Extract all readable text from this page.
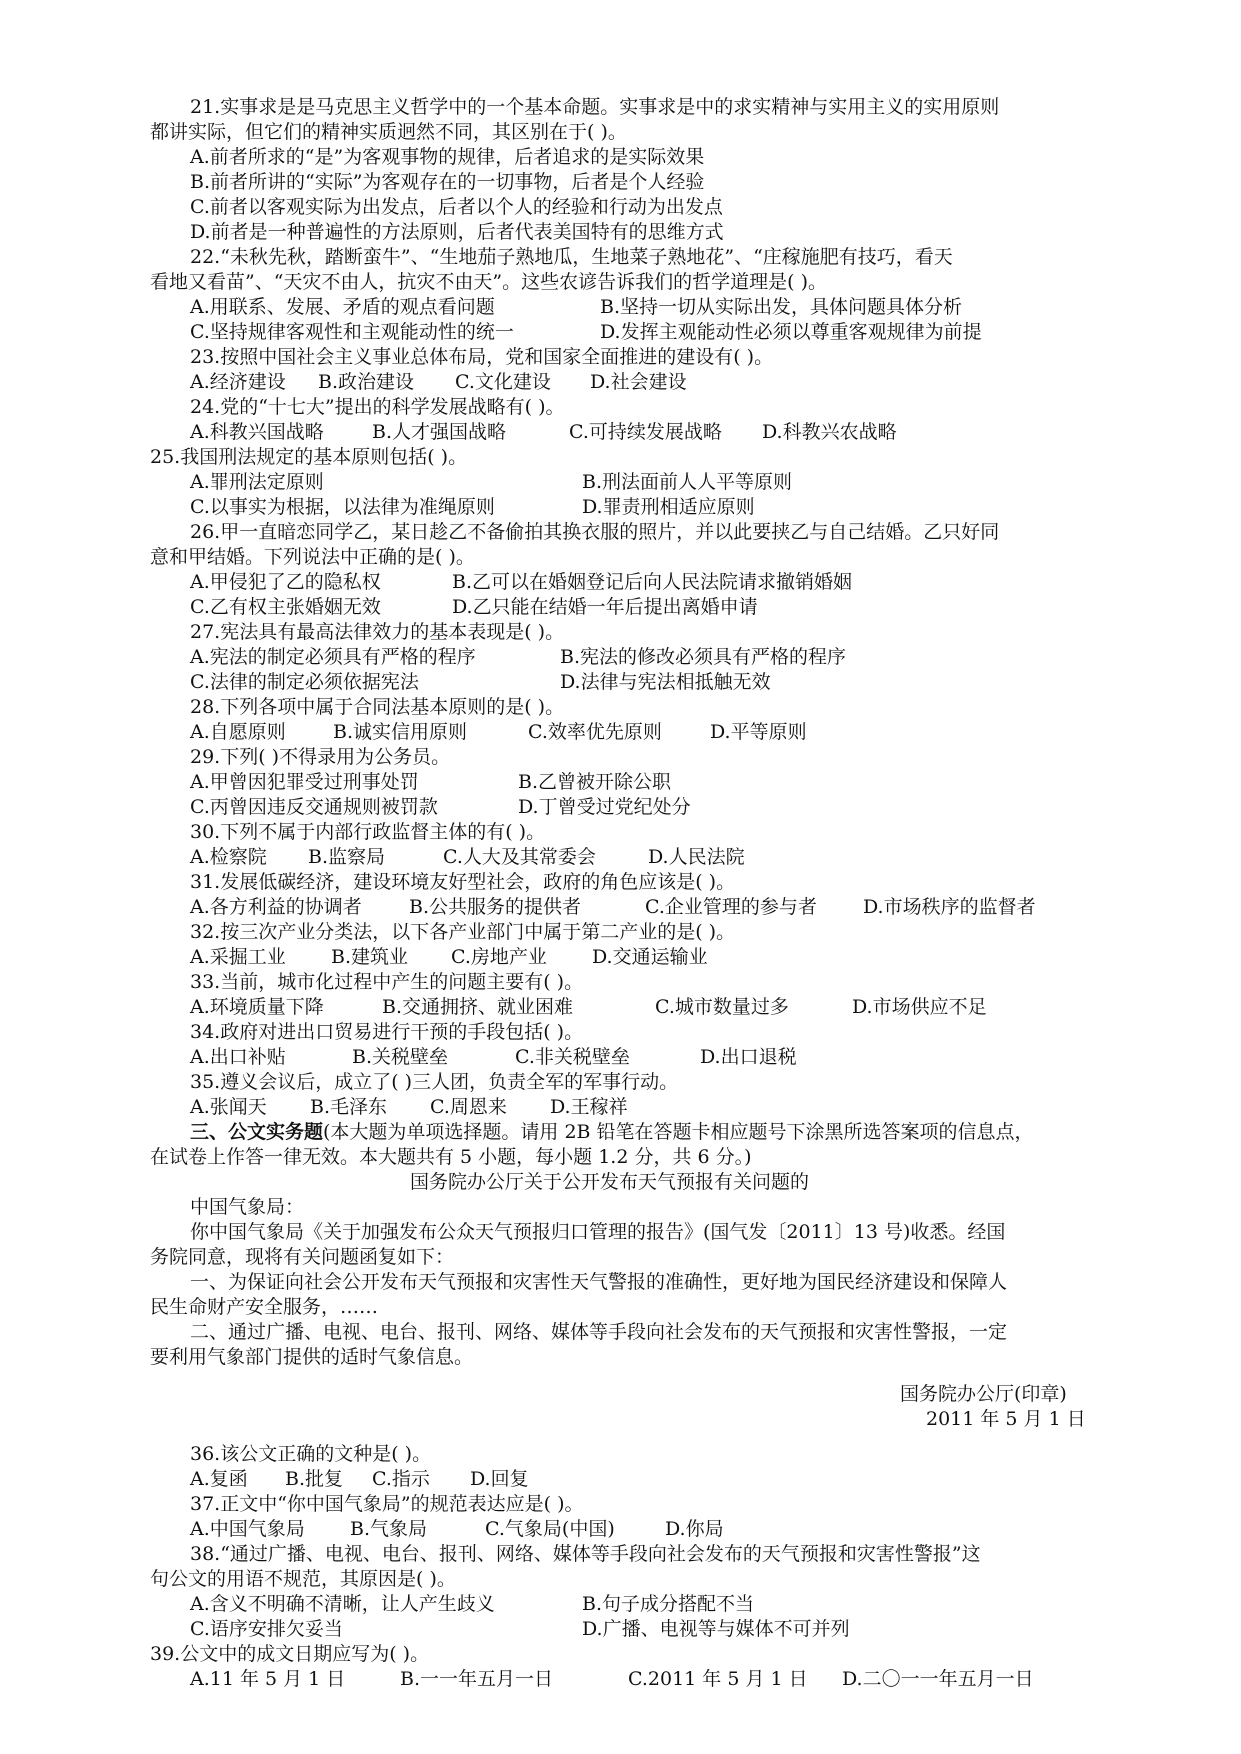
21.实事求是是马克思主义哲学中的一个基本命题。实事求是中的求实精神与实用主义的实用原则
都讲实际，但它们的精神实质迥然不同，其区别在于( )。
A.前者所求的“是”为客观事物的规律，后者追求的是实际效果
B.前者所讲的“实际”为客观存在的一切事物，后者是个人经验
C.前者以客观实际为出发点，后者以个人的经验和行动为出发点
D.前者是一种普遍性的方法原则，后者代表美国特有的思维方式
22.“未秋先秋，踏断蛮牛”、“生地茄子熟地瓜，生地菜子熟地花”、“庄稼施肥有技巧，看天
看地又看苗”、“天灾不由人，抗灾不由天”。这些农谚告诉我们的哲学道理是( )。
A.用联系、发展、矛盾的观点看问题	B.坚持一切从实际出发，具体问题具体分析
C.坚持规律客观性和主观能动性的统一	D.发挥主观能动性必须以尊重客观规律为前提
23.按照中国社会主义事业总体布局，党和国家全面推进的建设有( )。
A.经济建设 B.政治建设 C.文化建设 D.社会建设
24.党的“十七大”提出的科学发展战略有( )。
A.科教兴国战略	B.人才强国战略	C.可持续发展战略 D.科教兴农战略
25.我国刑法规定的基本原则包括( )。
A.罪刑法定原则	B.刑法面前人人平等原则
C.以事实为根据，以法律为准绳原则	D.罪责刑相适应原则
26.甲一直暗恋同学乙，某日趁乙不备偷拍其换衣服的照片，并以此要挟乙与自己结婚。乙只好同
意和甲结婚。下列说法中正确的是( )。
A.甲侵犯了乙的隐私权	B.乙可以在婚姻登记后向人民法院请求撤销婚姻
C.乙有权主张婚姻无效	D.乙只能在结婚一年后提出离婚申请
27.宪法具有最高法律效力的基本表现是( )。
A.宪法的制定必须具有严格的程序	B.宪法的修改必须具有严格的程序
C.法律的制定必须依据宪法	D.法律与宪法相抵触无效
28.下列各项中属于合同法基本原则的是( )。
A.自愿原则 B.诚实信用原则	C.效率优先原则	D.平等原则
29.下列( )不得录用为公务员。
A.甲曾因犯罪受过刑事处罚	B.乙曾被开除公职
C.丙曾因违反交通规则被罚款	D.丁曾受过党纪处分
30.下列不属于内部行政监督主体的有( )。
A.检察院 B.监察局	C.人大及其常委会	D.人民法院
31.发展低碳经济，建设环境友好型社会，政府的角色应该是( )。
A.各方利益的协调者 B.公共服务的提供者	C.企业管理的参与者 D.市场秩序的监督者
32.按三次产业分类法，以下各产业部门中属于第二产业的是( )。
A.采掘工业 B.建筑业 C.房地产业 D.交通运输业
33.当前，城市化过程中产生的问题主要有( )。
A.环境质量下降	B.交通拥挤、就业困难	C.城市数量过多	D.市场供应不足
34.政府对进出口贸易进行干预的手段包括( )。
A.出口补贴	B.关税壁垒	C.非关税壁垒	D.出口退税
35.遵义会议后，成立了( )三人团，负责全军的军事行动。
A.张闻天 B.毛泽东 C.周恩来 D.王稼祥
三、公文实务题(本大题为单项选择题。请用 2B 铅笔在答题卡相应题号下涂黑所选答案项的信息点，
在试卷上作答一律无效。本大题共有 5 小题，每小题 1.2 分，共 6 分。)
国务院办公厅关于公开发布天气预报有关问题的
中国气象局：
你中国气象局《关于加强发布公众天气预报归口管理的报告》(国气发〔2011〕13 号)收悉。经国
务院同意，现将有关问题函复如下：
一、为保证向社会公开发布天气预报和灾害性天气警报的准确性，更好地为国民经济建设和保障人
民生命财产安全服务，……
二、通过广播、电视、电台、报刊、网络、媒体等手段向社会发布的天气预报和灾害性警报，一定
要利用气象部门提供的适时气象信息。
国务院办公厅(印章)
2011 年 5 月 1 日
36.该公文正确的文种是( )。
A.复函 B.批复 C.指示 D.回复
37.正文中“你中国气象局”的规范表达应是( )。
A.中国气象局 B.气象局	C.气象局(中国)	D.你局
38.“通过广播、电视、电台、报刊、网络、媒体等手段向社会发布的天气预报和灾害性警报”这
句公文的用语不规范，其原因是( )。
A.含义不明确不清晰，让人产生歧义	B.句子成分搭配不当
C.语序安排欠妥当	D.广播、电视等与媒体不可并列
39.公文中的成文日期应写为( )。
A.11 年 5 月 1 日	B.一一年五月一日	C.2011 年 5 月 1 日 D.二〇一一年五月一日
